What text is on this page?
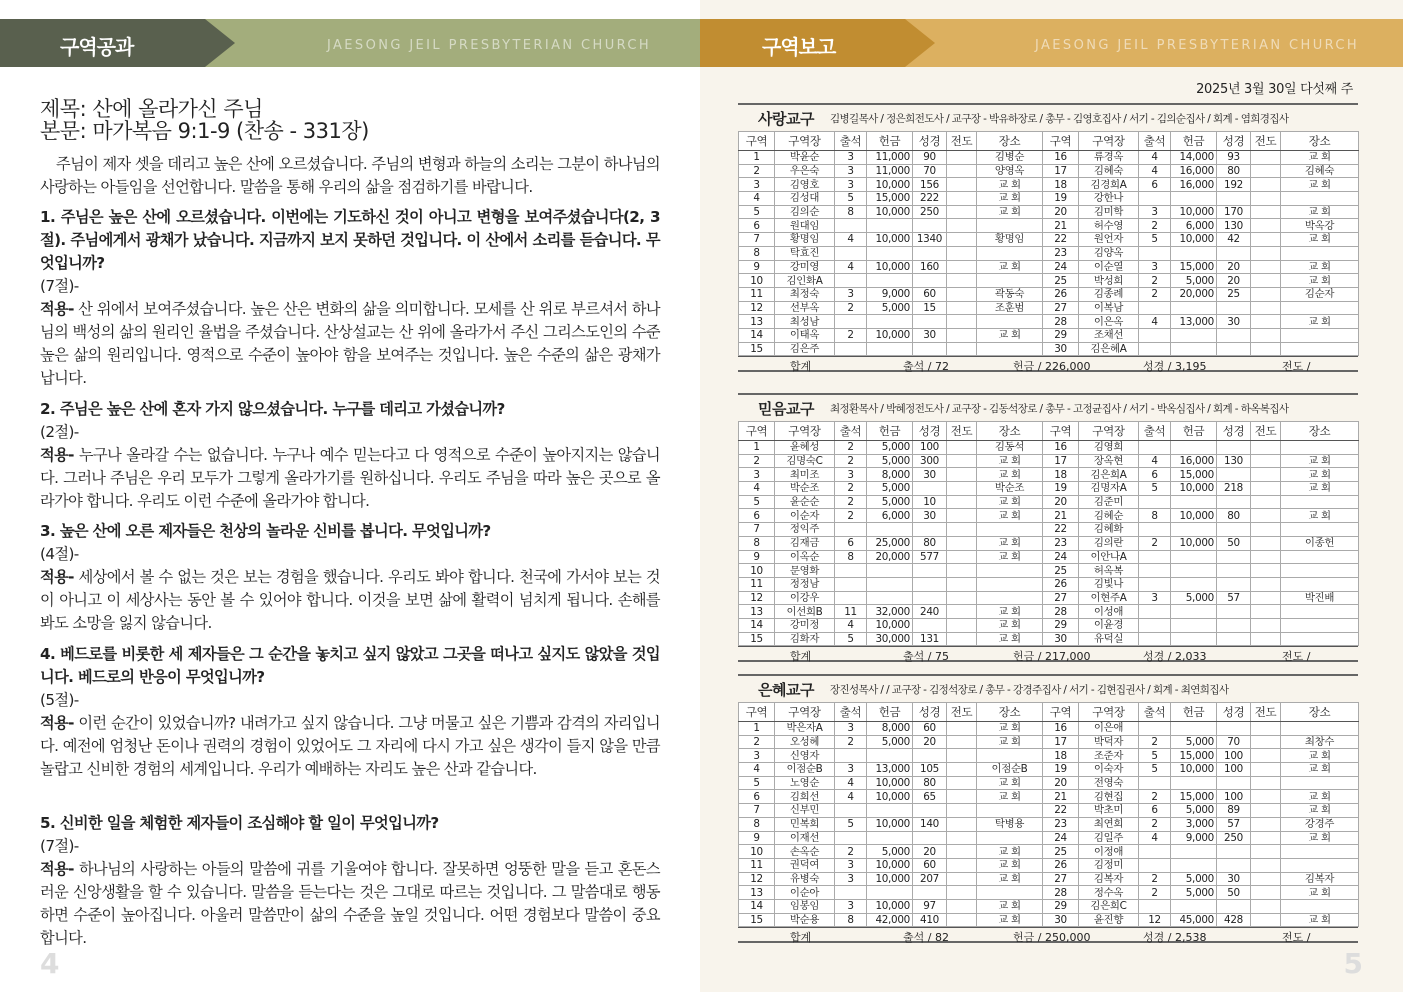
구역공과	JAESONG JEIL PRESBYTERIAN CHURCH
제목: 산에 올라가신 주님
본문: 마가복음 9:1-9 (찬송 - 331장)
주님이 제자 셋을 데리고 높은 산에 오르셨습니다. 주님의 변형과 하늘의 소리는 그분이 하나님의 사랑하는 아들임을 선언합니다. 말씀을 통해 우리의 삶을 점검하기를 바랍니다.
1. 주님은 높은 산에 오르셨습니다. 이번에는 기도하신 것이 아니고 변형을 보여주셨습니다(2, 3절). 주님에게서 광채가 났습니다. 지금까지 보지 못하던 것입니다. 이 산에서 소리를 듣습니다. 무엇입니까?
(7절)-
적용- 산 위에서 보여주셨습니다. 높은 산은 변화의 삶을 의미합니다. 모세를 산 위로 부르셔서 하나님의 백성의 삶의 원리인 율법을 주셨습니다. 산상설교는 산 위에 올라가서 주신 그리스도인의 수준 높은 삶의 원리입니다. 영적으로 수준이 높아야 함을 보여주는 것입니다. 높은 수준의 삶은 광채가 납니다.
2. 주님은 높은 산에 혼자 가지 않으셨습니다. 누구를 데리고 가셨습니까?
(2절)-
적용- 누구나 올라갈 수는 없습니다. 누구나 예수 믿는다고 다 영적으로 수준이 높아지지는 않습니다. 그러나 주님은 우리 모두가 그렇게 올라가기를 원하십니다. 우리도 주님을 따라 높은 곳으로 올라가야 합니다. 우리도 이런 수준에 올라가야 합니다.
3. 높은 산에 오른 제자들은 천상의 놀라운 신비를 봅니다. 무엇입니까?
(4절)-
적용- 세상에서 볼 수 없는 것은 보는 경험을 했습니다. 우리도 봐야 합니다. 천국에 가서야 보는 것이 아니고 이 세상사는 동안 볼 수 있어야 합니다. 이것을 보면 삶에 활력이 넘치게 됩니다. 손해를 봐도 소망을 잃지 않습니다.
4. 베드로를 비롯한 세 제자들은 그 순간을 놓치고 싶지 않았고 그곳을 떠나고 싶지도 않았을 것입니다. 베드로의 반응이 무엇입니까?
(5절)-
적용- 이런 순간이 있었습니까? 내려가고 싶지 않습니다. 그냥 머물고 싶은 기쁨과 감격의 자리입니다. 예전에 엄청난 돈이나 권력의 경험이 있었어도 그 자리에 다시 가고 싶은 생각이 들지 않을 만큼 놀랍고 신비한 경험의 세계입니다. 우리가 예배하는 자리도 높은 산과 같습니다.
5. 신비한 일을 체험한 제자들이 조심해야 할 일이 무엇입니까?
(7절)-
적용- 하나님의 사랑하는 아들의 말씀에 귀를 기울여야 합니다. 잘못하면 엉뚱한 말을 듣고 혼돈스러운 신앙생활을 할 수 있습니다. 말씀을 듣는다는 것은 그대로 따르는 것입니다. 그 말씀대로 행동하면 수준이 높아집니다. 아울러 말씀만이 삶의 수준을 높일 것입니다. 어떤 경험보다 말씀이 중요합니다.
4
구역보고	JAESONG JEIL PRESBYTERIAN CHURCH
2025년 3월 30일 다섯째 주
5
사랑교구 김병길목사 / 정은희전도사 / 교구장 - 박유하장로 / 총무 - 김영호집사 / 서기 - 김의순집사 / 회계 - 염희경집사
구역	구역장	출석	헌금	성경	전도	장소	구역	구역장	출석	헌금	성경	전도	장소
1	박윤순	3	11,000	90		김병순	16	류경옥	4	14,000	93		교 회
2	우은숙	3	11,000	70		양영옥	17	김혜숙	4	16,000	80		김혜숙
3	김영호	3	10,000	156		교 회	18	김경희A	6	16,000	192		교 회
4	김성대	5	15,000	222		교 회	19	강한나					
5	김의순	8	10,000	250		교 회	20	김미학	3	10,000	170		교 회
6	원대임						21	허수영	2	6,000	130		박옥강
7	황명임	4	10,000	1340		황명임	22	원언자	5	10,000	42		교 회
8	탁효진						23	김양옥					
9	강미영	4	10,000	160		교 회	24	이순열	3	15,000	20		교 회
10	김인화A						25	박성희	2	5,000	20		교 회
11	최정숙	3	9,000	60		곽동숙	26	김종례	2	20,000	25		김순자
12	선부옥	2	5,000	15		조훈범	27	이복남					
13	최성남						28	이은옥	4	13,000	30		교 회
14	이태옥	2	10,000	30		교 회	29	조채선					
15	김은주						30	김은혜A					
합계	출석 / 72	헌금 / 226,000	성경 / 3,195	전도 /
믿음교구 최정환목사 / 박혜정전도사 / 교구장 - 김동석장로 / 총무 - 고정균집사 / 서기 - 박옥심집사 / 회계 - 하옥복집사
구역	구역장	출석	헌금	성경	전도	장소	구역	구역장	출석	헌금	성경	전도	장소
1	윤혜성	2	5,000	100		김동석	16	김영희					
2	김명숙C	2	5,000	300		교 회	17	장옥현	4	16,000	130		교 회
3	최미조	3	8,000	30		교 회	18	김은희A	6	15,000			교 회
4	박순조	2	5,000			박순조	19	김명자A	5	10,000	218		교 회
5	윤순순	2	5,000	10		교 회	20	김준미					
6	이순자	2	6,000	30		교 회	21	김혜순	8	10,000	80		교 회
7	정익주						22	김혜화					
8	김재금	6	25,000	80		교 회	23	김의란	2	10,000	50		이종헌
9	이옥순	8	20,000	577		교 회	24	이안나A					
10	문영화						25	허옥복					
11	정정남						26	김빛나					
12	이강우						27	이현주A	3	5,000	57		박진배
13	이선희B	11	32,000	240		교 회	28	이성애					
14	강미정	4	10,000			교 회	29	이윤경					
15	김화자	5	30,000	131		교 회	30	유덕실					
합계	출석 / 75	헌금 / 217,000	성경 / 2,033	전도 /
은혜교구 장진성목사 / / 교구장 - 김정석장로 / 총무 - 강경주집사 / 서기 - 김현집권사 / 회계 - 최연희집사
구역	구역장	출석	헌금	성경	전도	장소	구역	구역장	출석	헌금	성경	전도	장소
1	박은자A	3	8,000	60		교 회	16	이은애					
2	오성혜	2	5,000	20		교 회	17	박덕자	2	5,000	70		최창수
3	신영자						18	조준자	5	15,000	100		교 회
4	이점순B	3	13,000	105		이점순B	19	이숙자	5	10,000	100		교 회
5	노영순	4	10,000	80		교 회	20	전영숙					
6	김희선	4	10,000	65		교 회	21	김현집	2	15,000	100		교 회
7	신부민						22	박초미	6	5,000	89		교 회
8	민복희	5	10,000	140		탁병용	23	최연희	2	3,000	57		강경주
9	이재선						24	김일주	4	9,000	250		교 회
10	손옥순	2	5,000	20		교 회	25	이정애					
11	권덕여	3	10,000	60		교 회	26	김정미					
12	유병숙	3	10,000	207		교 회	27	김복자	2	5,000	30		김복자
13	이순아						28	정수옥	2	5,000	50		교 회
14	임봉임	3	10,000	97		교 회	29	김은희C					
15	박순용	8	42,000	410		교 회	30	윤진향	12	45,000	428		교 회
합계	출석 / 82	헌금 / 250,000	성경 / 2,538	전도 /
